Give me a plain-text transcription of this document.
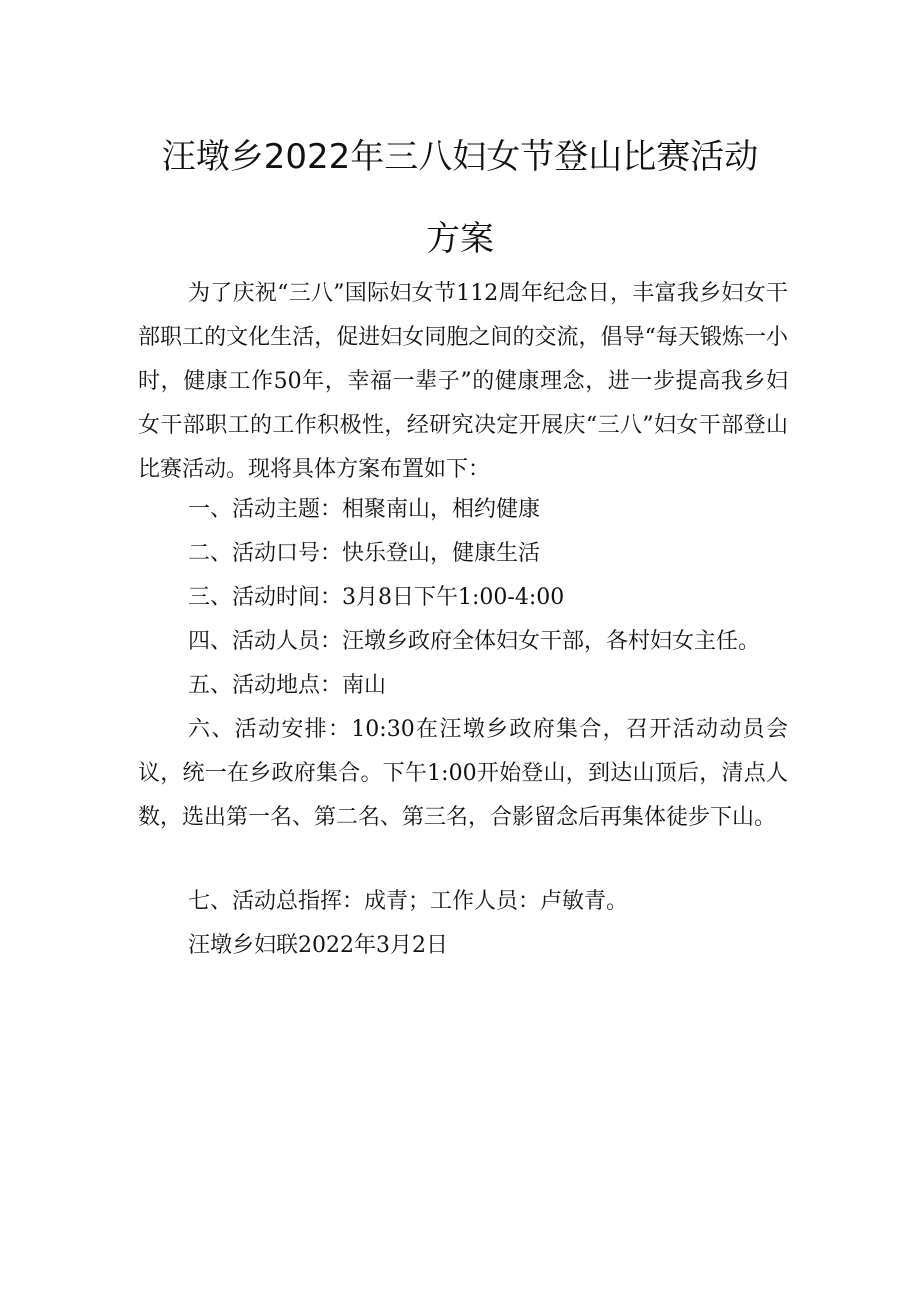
汪墩乡2022年三八妇女节登山比赛活动
方案

为了庆祝“三八”国际妇女节112周年纪念日，丰富我乡妇女干部职工的文化生活，促进妇女同胞之间的交流，倡导“每天锻炼一小时，健康工作50年，幸福一辈子”的健康理念，进一步提高我乡妇女干部职工的工作积极性，经研究决定开展庆“三八”妇女干部登山比赛活动。现将具体方案布置如下：

一、活动主题：相聚南山，相约健康

二、活动口号：快乐登山，健康生活

三、活动时间：3月8日下午1:00-4:00

四、活动人员：汪墩乡政府全体妇女干部，各村妇女主任。

五、活动地点：南山

六、活动安排：10:30在汪墩乡政府集合，召开活动动员会议，统一在乡政府集合。下午1:00开始登山，到达山顶后，清点人数，选出第一名、第二名、第三名，合影留念后再集体徒步下山。

七、活动总指挥：成青；工作人员：卢敏青。

汪墩乡妇联2022年3月2日
